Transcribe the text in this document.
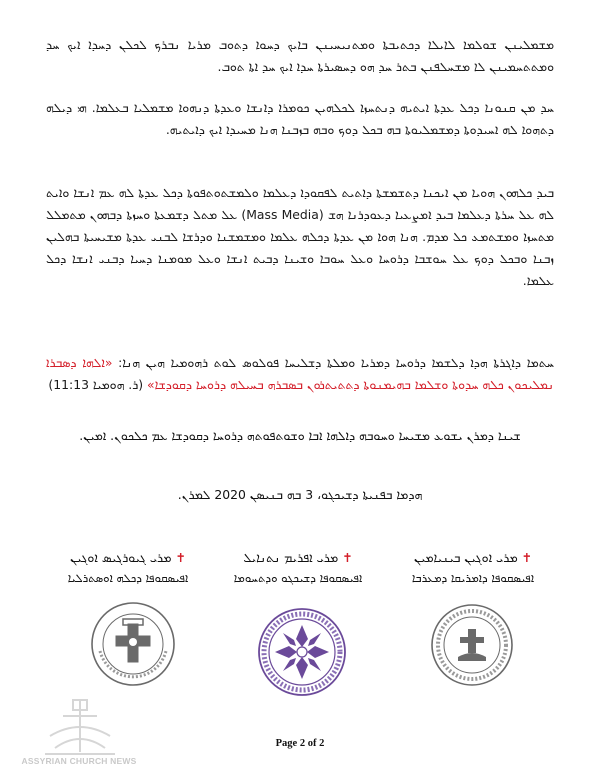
ܡܫܡܠܝܢܢ ܫܘܠܡܐ ܠܐܝܠܐ ܕܟܬܝܒܬܐ ܘܡܬܢܝܚܝܢܢ ܒܐܝܟ ܕܚܘܐ ܕܬܘܒ ܡܪܝܐ ܢܒܪܟ ܠܟܠܢ ܕܚܕܐ ܐܝܟ ܚܕ ܘܡܬܬܚܡܝܢܢ ܠܐ ܡܫܚܠܦܢܢ ܒܬܪ ܚܕ ܗܘ ܕܚܣܝܪܬܐ ܚܕܐ ܐܝܟ ܚܕ ܐܬܐ ܬܘܒ.
ܚܕ ܡܢ ܩܢܘܢܐ ܕܟܠ ܥܕܬܐ ܐܝܬܝܗ ܕܢܬܚܙܐ ܠܟܠܗܝܢ ܟܘܡܪܐ ܕܐܢܫܐ ܘܥܕܬܐ ܕܢܗܘܐ ܡܫܡܠܝܐ ܒܥܠܡܐ. ܗܝ ܕܝܠܗ ܕܬܗܘܐ ܠܗ ܐܚܝܕܘܬܐ ܕܡܫܡܠܝܘܬܐ ܒܗ ܒܟܠ ܕܘܟ ܘܒܗ ܒܙܒܢܐ ܗܢܐ ܡܚܝܕܐ ܐܝܟ ܕܐܝܬܝܗ.
ܒܝܕ ܟܠܗܘܢ ܗܘܝܐ ܡܢ ܐܝܟܢܐ ܕܬܫܡܫܬܐ ܕܐܬܝܬ ܠܦܩܘܕܐ ܕܥܠܡܐ ܘܠܡܫܬܘܬܦܘܬܐ ܕܟܠ ܥܕܬܐ ܠܗ ܥܡ ܐܢܫܐ ܘܐܝܬ ܠܗ ܥܠ ܚܪܬܐ ܕܥܠܡܐ ܒܝܕ ܐܡܨܥܝܐ ܕܥܘܕܪܢܐ ܗܫ (Mass Media) ܥܠ ܡܬܠ ܕܫܡܥܬܐ ܘܚܙܬܐ ܕܒܗܘܢ ܡܬܡܠܠ ܡܬܚܙܐ ܘܡܫܬܡܥ ܟܠ ܡܕܡ. ܗܢܐ ܗܘܐ ܡܢ ܥܕܬܐ ܕܟܠܗ ܥܠܡܐ ܘܡܫܡܫܢܐ ܘܕܪܫܐ ܠܒܢܝ ܥܕܬܐ ܡܫܝܚܝܬܐ ܒܗܠܝܢ ܙܒܢܐ ܘܒܟܠ ܕܘܟ ܥܠ ܚܘܫܒܐ ܕܪܘܚܐ ܘܥܠ ܚܘܒܐ ܘܫܝܢܐ ܕܒܝܬ ܐܢܫܐ ܘܥܠ ܡܘܡܢܐ ܕܚܝܐ ܕܒܢܝ ܐܢܫܐ ܕܟܠ ܥܠܡܐ.
ܚܬܡܐ ܕܐܓܪܬܐ ܗܕܐ ܕܠܫܡܐ ܕܪܘܚܐ ܕܡܪܝܐ ܘܡܠܬܐ ܕܫܠܝܚܐ ܦܘܠܘܣ ܠܘܬ ܪܗܘܡܝܐ ܗܝܢ ܗܢܐ: «ܐܠܗܐ ܕܣܒܪܐ ܢܡܠܝܟܘܢ ܟܠܗ ܚܕܘܬܐ ܘܫܠܡܐ ܒܗܝܡܢܘܬܐ ܕܬܬܝܬܪܘܢ ܒܣܒܪܗ ܒܚܝܠܗ ܕܪܘܚܐ ܕܩܘܕܫܐ» (ܪ. ܗܘܡܝܐ 11:13)
ܫܝܢܐ ܕܡܪܢ ܝܫܘܥ ܡܫܝܚܐ ܘܚܘܒܗ ܕܐܠܗܐ ܐܒܐ ܘܫܘܬܦܘܬܗ ܕܪܘܚܐ ܕܩܘܕܫܐ ܥܡ ܟܠܟܘܢ. ܐܡܝܢ.
ܗܕܡܐ ܒܦܢܝܬܐ ܕܫܝܟܓܘ، 3 ܒܗ ܒܢܝܣܢ 2020 ܠܡܪܢ.
✝ܡܪܝ ܐܘܓܝܢ ܒܝܢܝܐܡܝܢ
ܐܦܝܣܩܘܦܐ ܕܐܡܪܝܩܐ ܕܡܥܪܒܐ
✝ܡܪܝ ܐܦܪܝܡ ܢܬܢܐܝܠ
ܐܦܝܣܩܘܦܐ ܕܫܝܟܓܘ ܘܕܬܚܘܡܐ
✝ܡܪܝ ܓܝܘܪܓܝܣ ܐܘܓܝܢ
ܐܦܝܣܩܘܦܐ ܕܟܠܗ ܐܘܣܬܪܠܝܐ
ASSYRIAN CHURCH NEWS
Page 2 of 2
